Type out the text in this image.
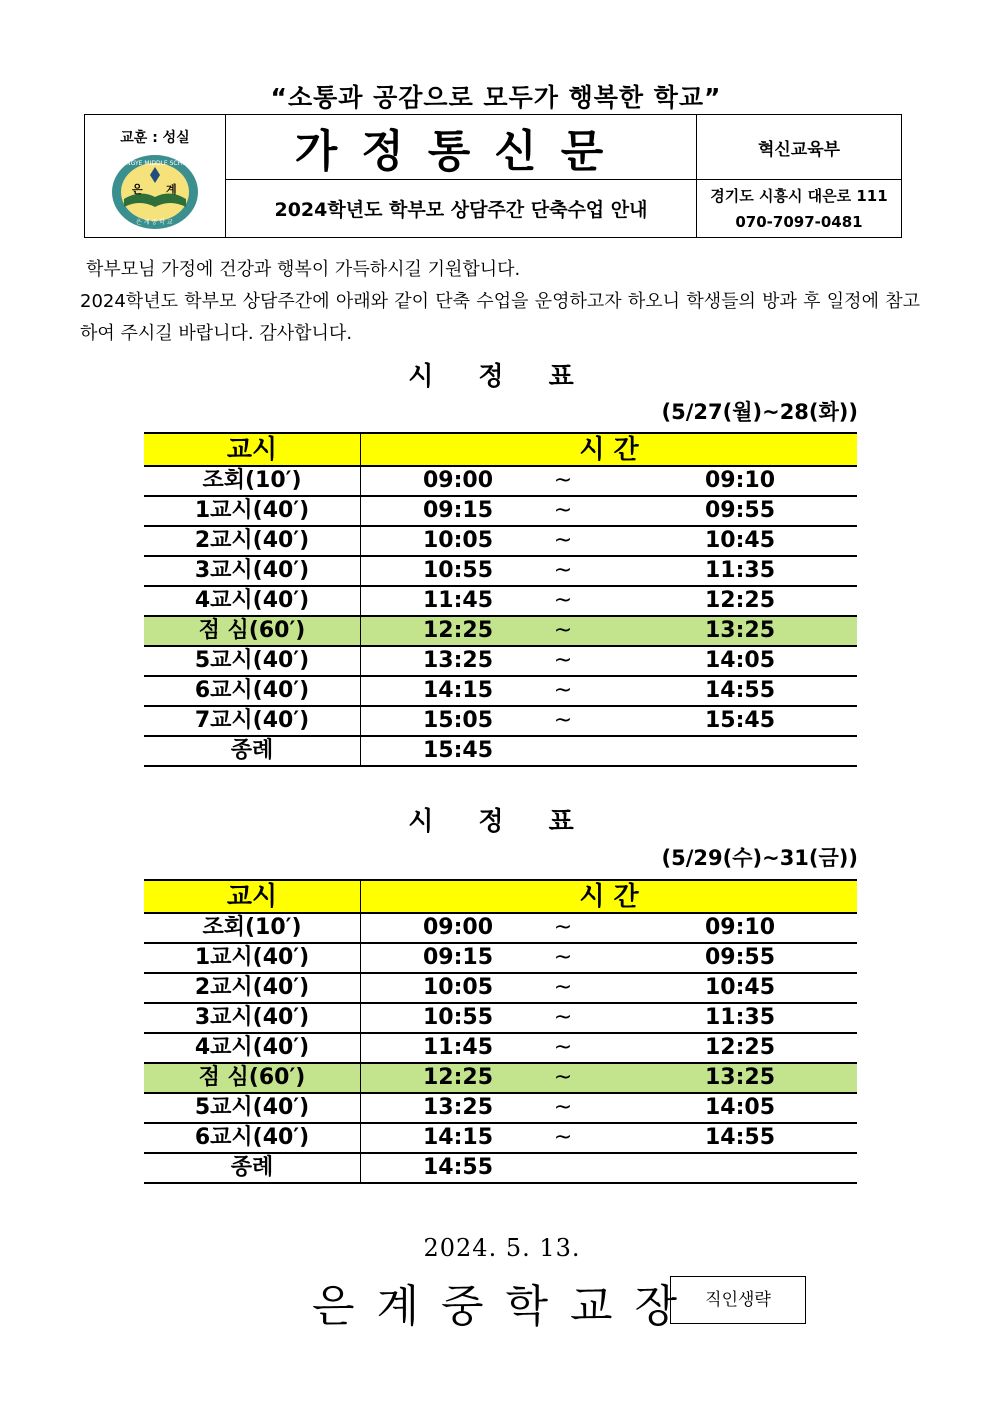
“소통과 공감으로 모두가 행복한 학교”
교훈 : 성실
EUNGYE MIDDLE SCHOOL
은 계
은 계 중 학 교	가정통신문	혁신교육부
	2024학년도 학부모 상담주간 단축수업 안내	경기도 시흥시 대은로 111
070-7097-0481

학부모님 가정에 건강과 행복이 가득하시길 기원합니다.

2024학년도 학부모 상담주간에 아래와 같이 단축 수업을 운영하고자 하오니 학생들의 방과 후 일정에 참고하여 주시길 바랍니다. 감사합니다.

시 정 표
(5/27(월)~28(화))
교시	시 간		
조회(10′)	09:00	~	09:10
1교시(40′)	09:15	~	09:55
2교시(40′)	10:05	~	10:45
3교시(40′)	10:55	~	11:35
4교시(40′)	11:45	~	12:25
점 심(60′)	12:25	~	13:25
5교시(40′)	13:25	~	14:05
6교시(40′)	14:15	~	14:55
7교시(40′)	15:05	~	15:45
종례	15:45		
시 정 표
(5/29(수)~31(금))
교시	시 간		
조회(10′)	09:00	~	09:10
1교시(40′)	09:15	~	09:55
2교시(40′)	10:05	~	10:45
3교시(40′)	10:55	~	11:35
4교시(40′)	11:45	~	12:25
점 심(60′)	12:25	~	13:25
5교시(40′)	13:25	~	14:05
6교시(40′)	14:15	~	14:55
종례	14:55		
2024. 5. 13.
은계중학교장 직인생략
